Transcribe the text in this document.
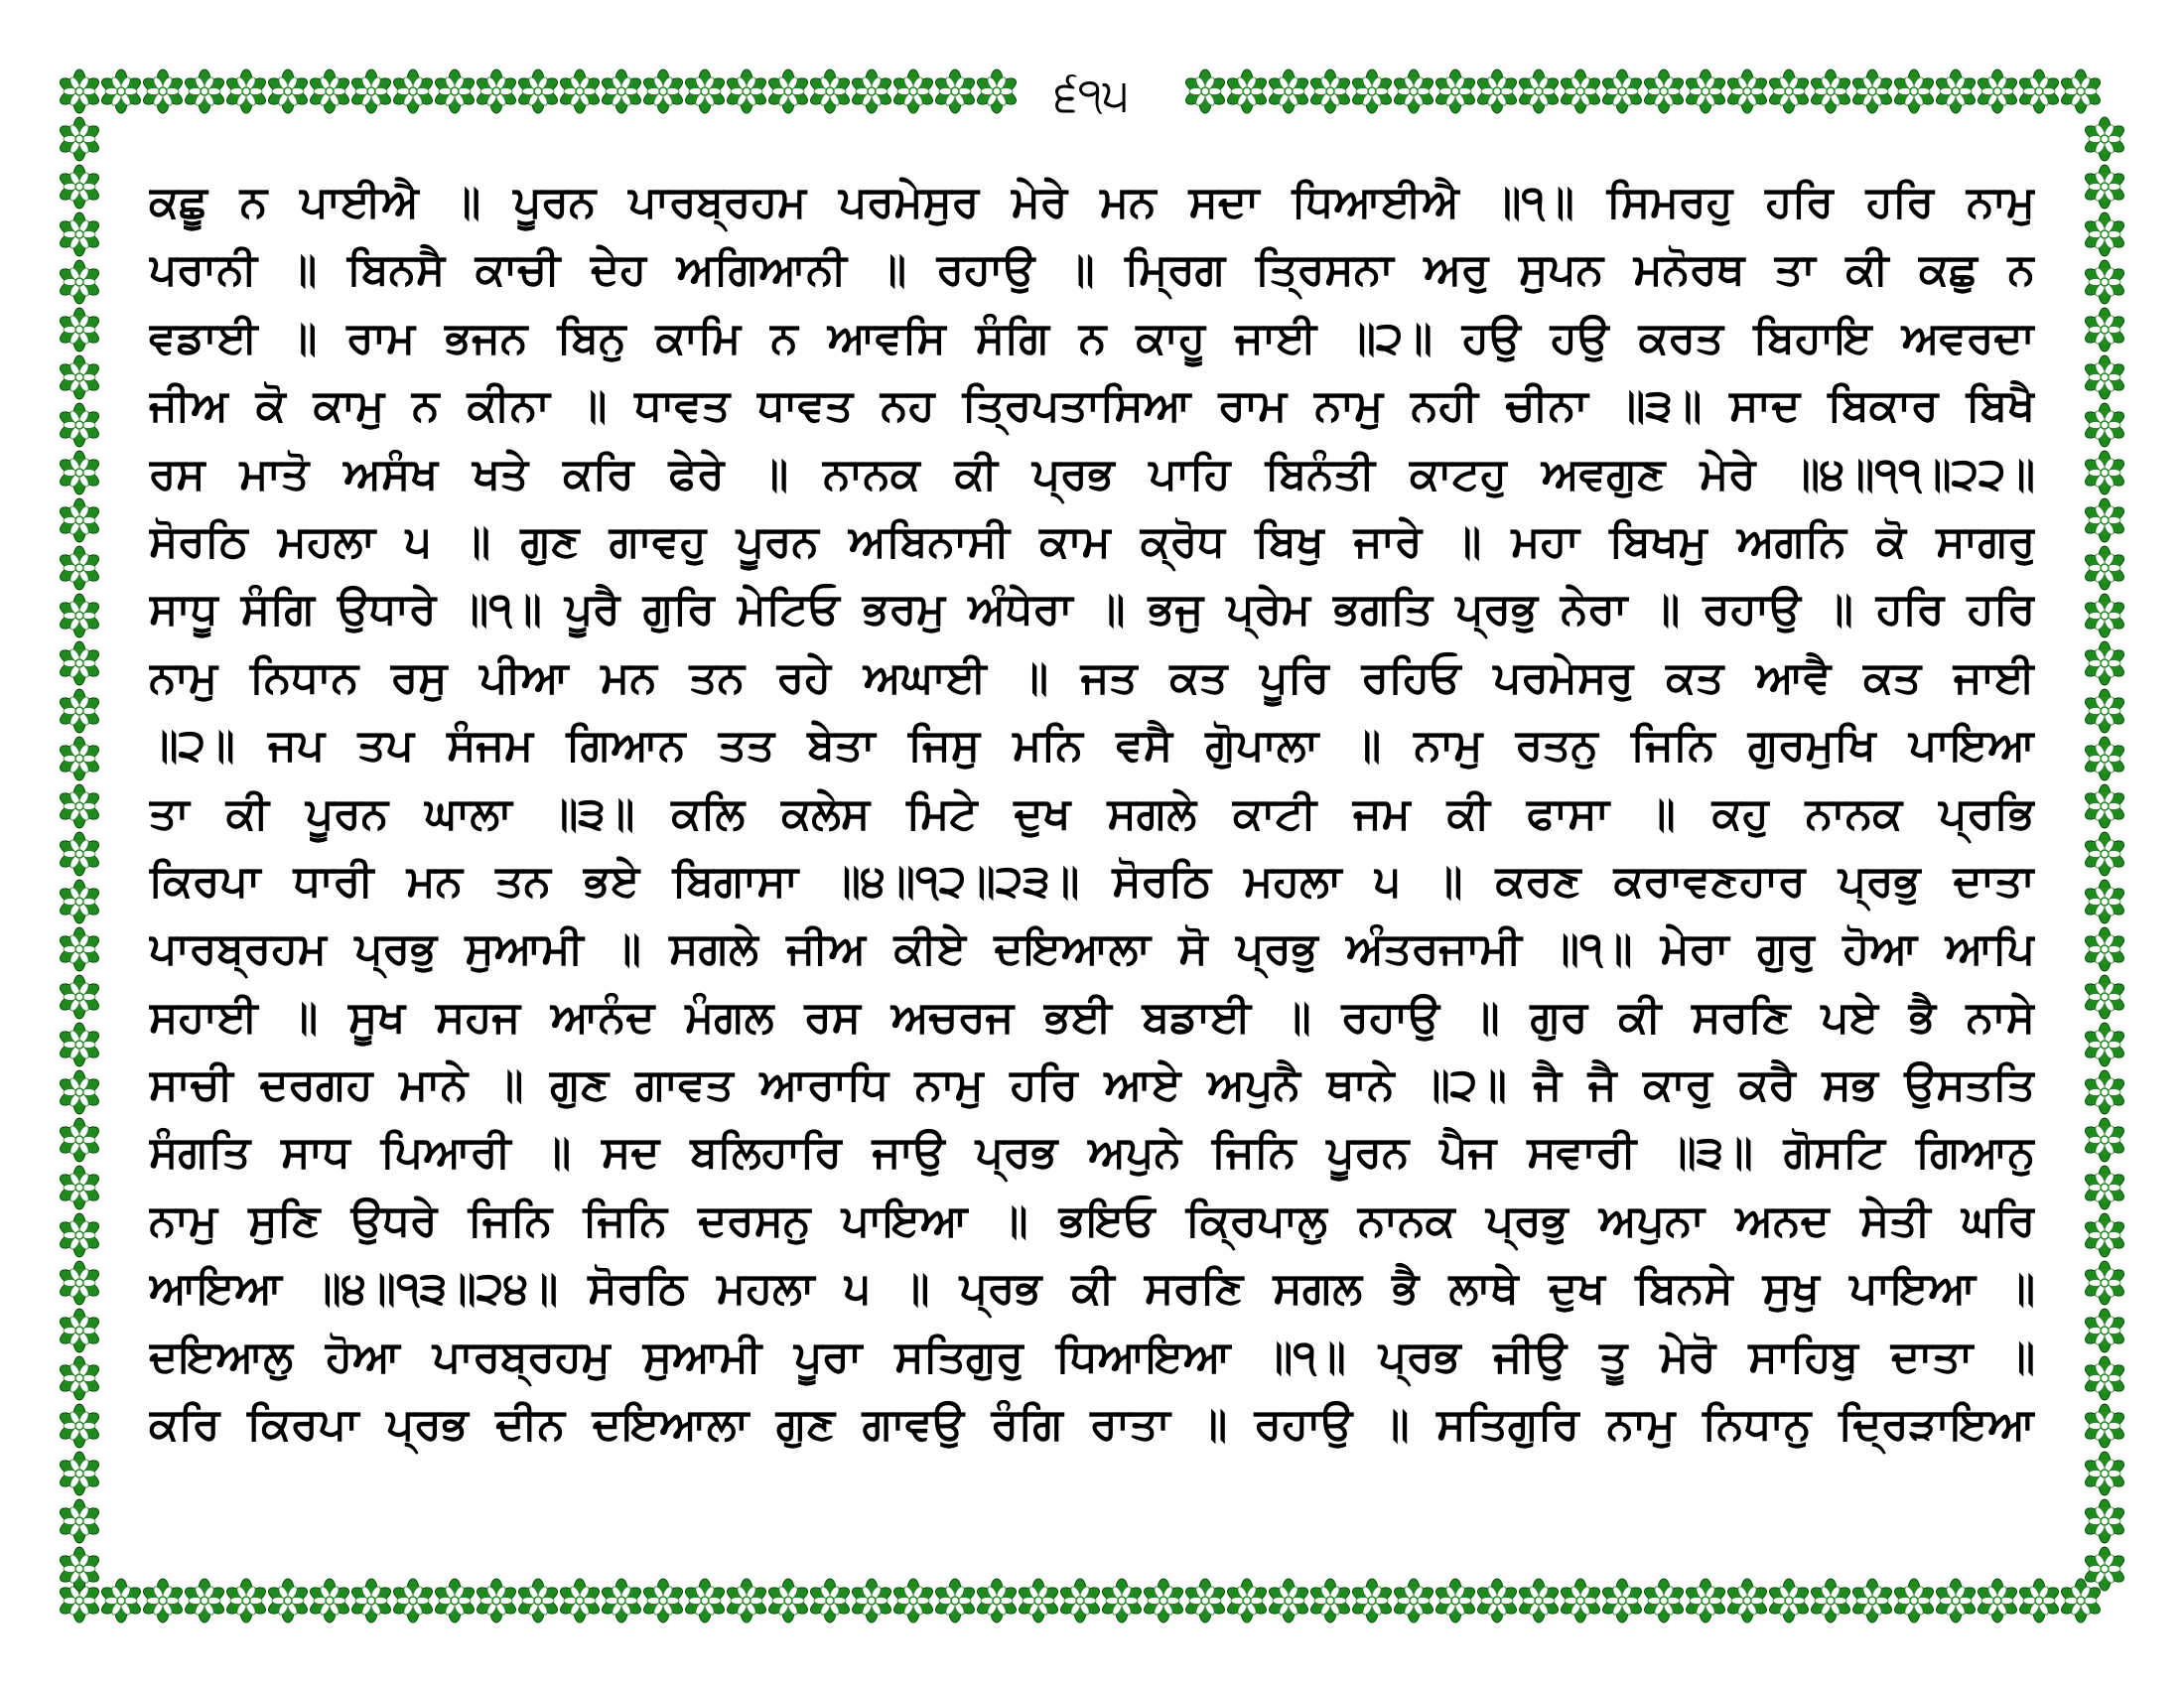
੬੧੫
ਕਛੂ ਨ ਪਾਈਐ ॥ ਪੂਰਨ ਪਾਰਬ੍ਰਹਮ ਪਰਮੇਸੁਰ ਮੇਰੇ ਮਨ ਸਦਾ ਧਿਆਈਐ ॥੧॥ ਸਿਮਰਹੁ ਹਰਿ ਹਰਿ ਨਾਮੁ
ਪਰਾਨੀ ॥ ਬਿਨਸੈ ਕਾਚੀ ਦੇਹ ਅਗਿਆਨੀ ॥ ਰਹਾਉ ॥ ਮ੍ਰਿਗ ਤ੍ਰਿਸਨਾ ਅਰੁ ਸੁਪਨ ਮਨੋਰਥ ਤਾ ਕੀ ਕਛੁ ਨ
ਵਡਾਈ ॥ ਰਾਮ ਭਜਨ ਬਿਨੁ ਕਾਮਿ ਨ ਆਵਸਿ ਸੰਗਿ ਨ ਕਾਹੂ ਜਾਈ ॥੨॥ ਹਉ ਹਉ ਕਰਤ ਬਿਹਾਇ ਅਵਰਦਾ
ਜੀਅ ਕੋ ਕਾਮੁ ਨ ਕੀਨਾ ॥ ਧਾਵਤ ਧਾਵਤ ਨਹ ਤ੍ਰਿਪਤਾਸਿਆ ਰਾਮ ਨਾਮੁ ਨਹੀ ਚੀਨਾ ॥੩॥ ਸਾਦ ਬਿਕਾਰ ਬਿਖੈ
ਰਸ ਮਾਤੋ ਅਸੰਖ ਖਤੇ ਕਰਿ ਫੇਰੇ ॥ ਨਾਨਕ ਕੀ ਪ੍ਰਭ ਪਾਹਿ ਬਿਨੰਤੀ ਕਾਟਹੁ ਅਵਗੁਣ ਮੇਰੇ ॥੪॥੧੧॥੨੨॥
ਸੋਰਠਿ ਮਹਲਾ ੫ ॥ ਗੁਣ ਗਾਵਹੁ ਪੂਰਨ ਅਬਿਨਾਸੀ ਕਾਮ ਕ੍ਰੋਧ ਬਿਖੁ ਜਾਰੇ ॥ ਮਹਾ ਬਿਖਮੁ ਅਗਨਿ ਕੋ ਸਾਗਰੁ
ਸਾਧੂ ਸੰਗਿ ਉਧਾਰੇ ॥੧॥ ਪੂਰੈ ਗੁਰਿ ਮੇਟਿਓ ਭਰਮੁ ਅੰਧੇਰਾ ॥ ਭਜੁ ਪ੍ਰੇਮ ਭਗਤਿ ਪ੍ਰਭੁ ਨੇਰਾ ॥ ਰਹਾਉ ॥ ਹਰਿ ਹਰਿ
ਨਾਮੁ ਨਿਧਾਨ ਰਸੁ ਪੀਆ ਮਨ ਤਨ ਰਹੇ ਅਘਾਈ ॥ ਜਤ ਕਤ ਪੂਰਿ ਰਹਿਓ ਪਰਮੇਸਰੁ ਕਤ ਆਵੈ ਕਤ ਜਾਈ
॥੨॥ ਜਪ ਤਪ ਸੰਜਮ ਗਿਆਨ ਤਤ ਬੇਤਾ ਜਿਸੁ ਮਨਿ ਵਸੈ ਗੋੁਪਾਲਾ ॥ ਨਾਮੁ ਰਤਨੁ ਜਿਨਿ ਗੁਰਮੁਖਿ ਪਾਇਆ
ਤਾ ਕੀ ਪੂਰਨ ਘਾਲਾ ॥੩॥ ਕਲਿ ਕਲੇਸ ਮਿਟੇ ਦੁਖ ਸਗਲੇ ਕਾਟੀ ਜਮ ਕੀ ਫਾਸਾ ॥ ਕਹੁ ਨਾਨਕ ਪ੍ਰਭਿ
ਕਿਰਪਾ ਧਾਰੀ ਮਨ ਤਨ ਭਏ ਬਿਗਾਸਾ ॥੪॥੧੨॥੨੩॥ ਸੋਰਠਿ ਮਹਲਾ ੫ ॥ ਕਰਣ ਕਰਾਵਣਹਾਰ ਪ੍ਰਭੁ ਦਾਤਾ
ਪਾਰਬ੍ਰਹਮ ਪ੍ਰਭੁ ਸੁਆਮੀ ॥ ਸਗਲੇ ਜੀਅ ਕੀਏ ਦਇਆਲਾ ਸੋ ਪ੍ਰਭੁ ਅੰਤਰਜਾਮੀ ॥੧॥ ਮੇਰਾ ਗੁਰੁ ਹੋਆ ਆਪਿ
ਸਹਾਈ ॥ ਸੂਖ ਸਹਜ ਆਨੰਦ ਮੰਗਲ ਰਸ ਅਚਰਜ ਭਈ ਬਡਾਈ ॥ ਰਹਾਉ ॥ ਗੁਰ ਕੀ ਸਰਣਿ ਪਏ ਭੈ ਨਾਸੇ
ਸਾਚੀ ਦਰਗਹ ਮਾਨੇ ॥ ਗੁਣ ਗਾਵਤ ਆਰਾਧਿ ਨਾਮੁ ਹਰਿ ਆਏ ਅਪੁਨੈ ਥਾਨੇ ॥੨॥ ਜੈ ਜੈ ਕਾਰੁ ਕਰੈ ਸਭ ਉਸਤਤਿ
ਸੰਗਤਿ ਸਾਧ ਪਿਆਰੀ ॥ ਸਦ ਬਲਿਹਾਰਿ ਜਾਉ ਪ੍ਰਭ ਅਪੁਨੇ ਜਿਨਿ ਪੂਰਨ ਪੈਜ ਸਵਾਰੀ ॥੩॥ ਗੋਸਟਿ ਗਿਆਨੁ
ਨਾਮੁ ਸੁਣਿ ਉਧਰੇ ਜਿਨਿ ਜਿਨਿ ਦਰਸਨੁ ਪਾਇਆ ॥ ਭਇਓ ਕ੍ਰਿਪਾਲੁ ਨਾਨਕ ਪ੍ਰਭੁ ਅਪੁਨਾ ਅਨਦ ਸੇਤੀ ਘਰਿ
ਆਇਆ ॥੪॥੧੩॥੨੪॥ ਸੋਰਠਿ ਮਹਲਾ ੫ ॥ ਪ੍ਰਭ ਕੀ ਸਰਣਿ ਸਗਲ ਭੈ ਲਾਥੇ ਦੁਖ ਬਿਨਸੇ ਸੁਖੁ ਪਾਇਆ ॥
ਦਇਆਲੁ ਹੋਆ ਪਾਰਬ੍ਰਹਮੁ ਸੁਆਮੀ ਪੂਰਾ ਸਤਿਗੁਰੁ ਧਿਆਇਆ ॥੧॥ ਪ੍ਰਭ ਜੀਉ ਤੂ ਮੇਰੋ ਸਾਹਿਬੁ ਦਾਤਾ ॥
ਕਰਿ ਕਿਰਪਾ ਪ੍ਰਭ ਦੀਨ ਦਇਆਲਾ ਗੁਣ ਗਾਵਉ ਰੰਗਿ ਰਾਤਾ ॥ ਰਹਾਉ ॥ ਸਤਿਗੁਰਿ ਨਾਮੁ ਨਿਧਾਨੁ ਦ੍ਰਿੜਾਇਆ
